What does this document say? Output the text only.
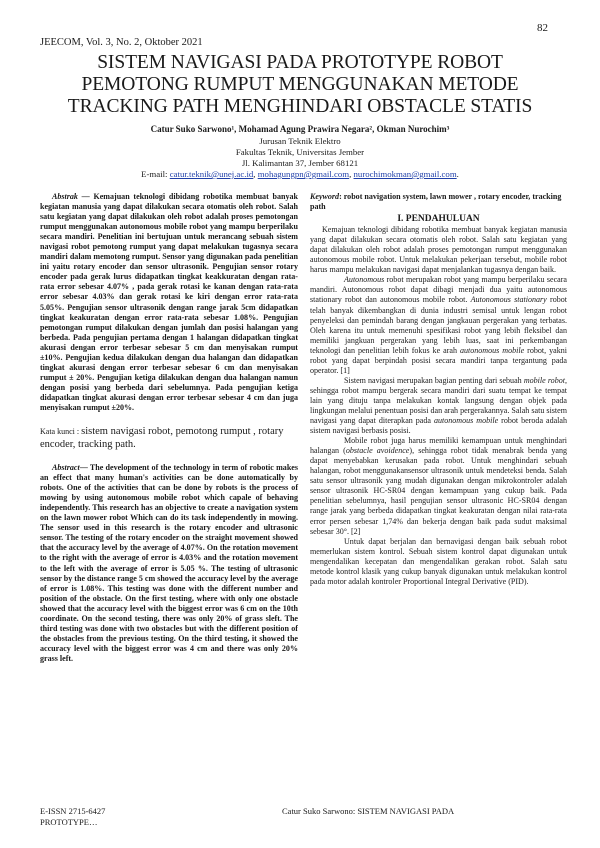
82
JEECOM, Vol. 3, No. 2, Oktober 2021
SISTEM NAVIGASI PADA PROTOTYPE ROBOT
PEMOTONG RUMPUT MENGGUNAKAN METODE
TRACKING PATH MENGHINDARI OBSTACLE STATIS
Catur Suko Sarwono¹, Mohamad Agung Prawira Negara², Okman Nurochim³
Jurusan Teknik Elektro
Fakultas Teknik, Universitas Jember
Jl. Kalimantan 37, Jember 68121
E-mail: catur.teknik@unej.ac.id, mohagungpn@gmail.com, nurochimokman@gmail.com.

Abstrak — Kemajuan teknologi dibidang robotika membuat banyak kegiatan manusia yang dapat dilakukan secara otomatis oleh robot. Salah satu kegiatan yang dapat dilakukan oleh robot adalah proses pemotongan rumput menggunakan autonomous mobile robot yang mampu berperilaku secara mandiri. Penelitian ini bertujuan untuk merancang sebuah sistem navigasi robot pemotong rumput yang dapat melakukan tugasnya secara mandiri dalam memotong rumput. Sensor yang digunakan pada penelitian ini yaitu rotary encoder dan sensor ultrasonik. Pengujian sensor rotary encoder pada gerak lurus didapatkan tingkat keakkuratan dengan rata-rata error sebesar 4.07% , pada gerak rotasi ke kanan dengan rata-rata error sebesar 4.03% dan gerak rotasi ke kiri dengan error rata-rata 5.05%. Pengujian sensor ultrasonik dengan range jarak 5cm didapatkan tingkat keakuratan dengan error rata-rata sebesar 1.08%. Pengujian pemotongan rumput dilakukan dengan jumlah dan posisi halangan yang berbeda. Pada pengujian pertama dengan 1 halangan didapatkan tingkat akurasi dengan error terbesar sebesar 5 cm dan menyisakan rumput ±10%. Pengujian kedua dilakukan dengan dua halangan dan didapatkan tingkat akurasi dengan error terbesar sebesar 6 cm dan menyisakan rumput ± 20%. Pengujian ketiga dilakukan dengan dua halangan namun dengan posisi yang berbeda dari sebelumnya. Pada pengujian ketiga didapatkan tingkat akurasi dengan error terbesar sebesar 4 cm dan juga menyisakan rumput ±20%.

Kata kunci : sistem navigasi robot, pemotong rumput , rotary encoder, tracking path.

Abstract— The development of the technology in term of robotic makes an effect that many human's activities can be done automatically by robots. One of the activities that can be done by robots is the process of mowing by using autonomous mobile robot which capale of behaving independently. This research has an objective to create a navigation system on the lawn mower robot Which can do its task independently in mowing. The sensor used in this research is the rotary encoder and ultrasonic sensor. The testing of the rotary encoder on the straight movement showed that the accuracy level by the average of 4.07%. On the rotation movement to the right with the average of error is 4.03% and the rotation movement to the left with the average of error is 5.05 %. The testing of ultrasonic sensor by the distance range 5 cm showed the accuracy level by the average of error is 1.08%. This testing was done with the different number and position of the obstacle. On the first testing, where with only one obstacle showed that the accuracy level with the biggest error was 6 cm on the 10th coordinate. On the second testing, there was only 20% of grass sleft. The third testing was done with two obstacles but with the different position of the obstacles from the previous testing. On the third testing, it showed the accuracy level with the biggest error was 4 cm and there was only 20% grass left.

Keyword: robot navigation system, lawn mower , rotary encoder, tracking path
I. PENDAHULUAN

Kemajuan teknologi dibidang robotika membuat banyak kegiatan manusia yang dapat dilakukan secara otomatis oleh robot. Salah satu kegiatan yang dapat dilakukan oleh robot adalah proses pemotongan rumput menggunakan autonomous mobile robot. Untuk melakukan pekerjaan tersebut, mobile robot harus mampu melakukan navigasi dapat menjalankan tugasnya dengan baik.

Autonomous robot merupakan robot yang mampu berperilaku secara mandiri. Autonomous robot dapat dibagi menjadi dua yaitu autonomous stationary robot dan autonomous mobile robot. Autonomous stationary robot telah banyak dikembangkan di dunia industri semisal untuk lengan robot penyeleksi dan pemindah barang dengan jangkauan pergerakan yang terbatas. Oleh karena itu untuk memenuhi spesifikasi robot yang lebih fleksibel dan memiliki jangkuan pergerakan yang lebih luas, saat ini perkembangan teknologi dan penelitian lebih fokus ke arah autonomous mobile robot, yakni robot yang dapat berpindah posisi secara mandiri tanpa tergantung pada operator. [1]

Sistem navigasi merupakan bagian penting dari sebuah mobile robot, sehingga robot mampu bergerak secara mandiri dari suatu tempat ke tempat lain yang dituju tanpa melakukan kontak langsung dengan objek pada lingkungan melalui penentuan posisi dan arah pergerakannya. Salah satu sistem navigasi yang dapat diterapkan pada autonomous mobile robot beroda adalah sistem navigasi berbasis posisi.

Mobile robot juga harus memiliki kemampuan untuk menghindari halangan (obstacle avoidence), sehingga robot tidak menabrak benda yang dapat menyebabkan kerusakan pada robot. Untuk menghindari sebuah halangan, robot menggunakansensor ultrasonik untuk mendeteksi benda. Salah satu sensor ultrasonik yang mudah digunakan dengan mikrokontroler adalah sensor ultrasonik HC-SR04 dengan kemampuan yang cukup baik. Pada penelitian sebelumnya, hasil pengujian sensor ultrasonic HC-SR04 dengan range jarak yang berbeda didapatkan tingkat keakuratan dengan nilai rata-rata error persen sebesar 1,74% dan bekerja dengan baik pada sudut maksimal sebesar 30°. [2]

Untuk dapat berjalan dan bernavigasi dengan baik sebuah robot memerlukan sistem kontrol. Sebuah sistem kontrol dapat digunakan untuk mengendalikan kecepatan dan mengendalikan gerakan robot. Salah satu metode kontrol klasik yang cukup banyak digunakan untuk melakukan kontrol pada motor adalah kontroler Proportional Integral Derivative (PID).

E-ISSN 2715-6427
PROTOTYPE…
Catur Suko Sarwono: SISTEM NAVIGASI PADA
